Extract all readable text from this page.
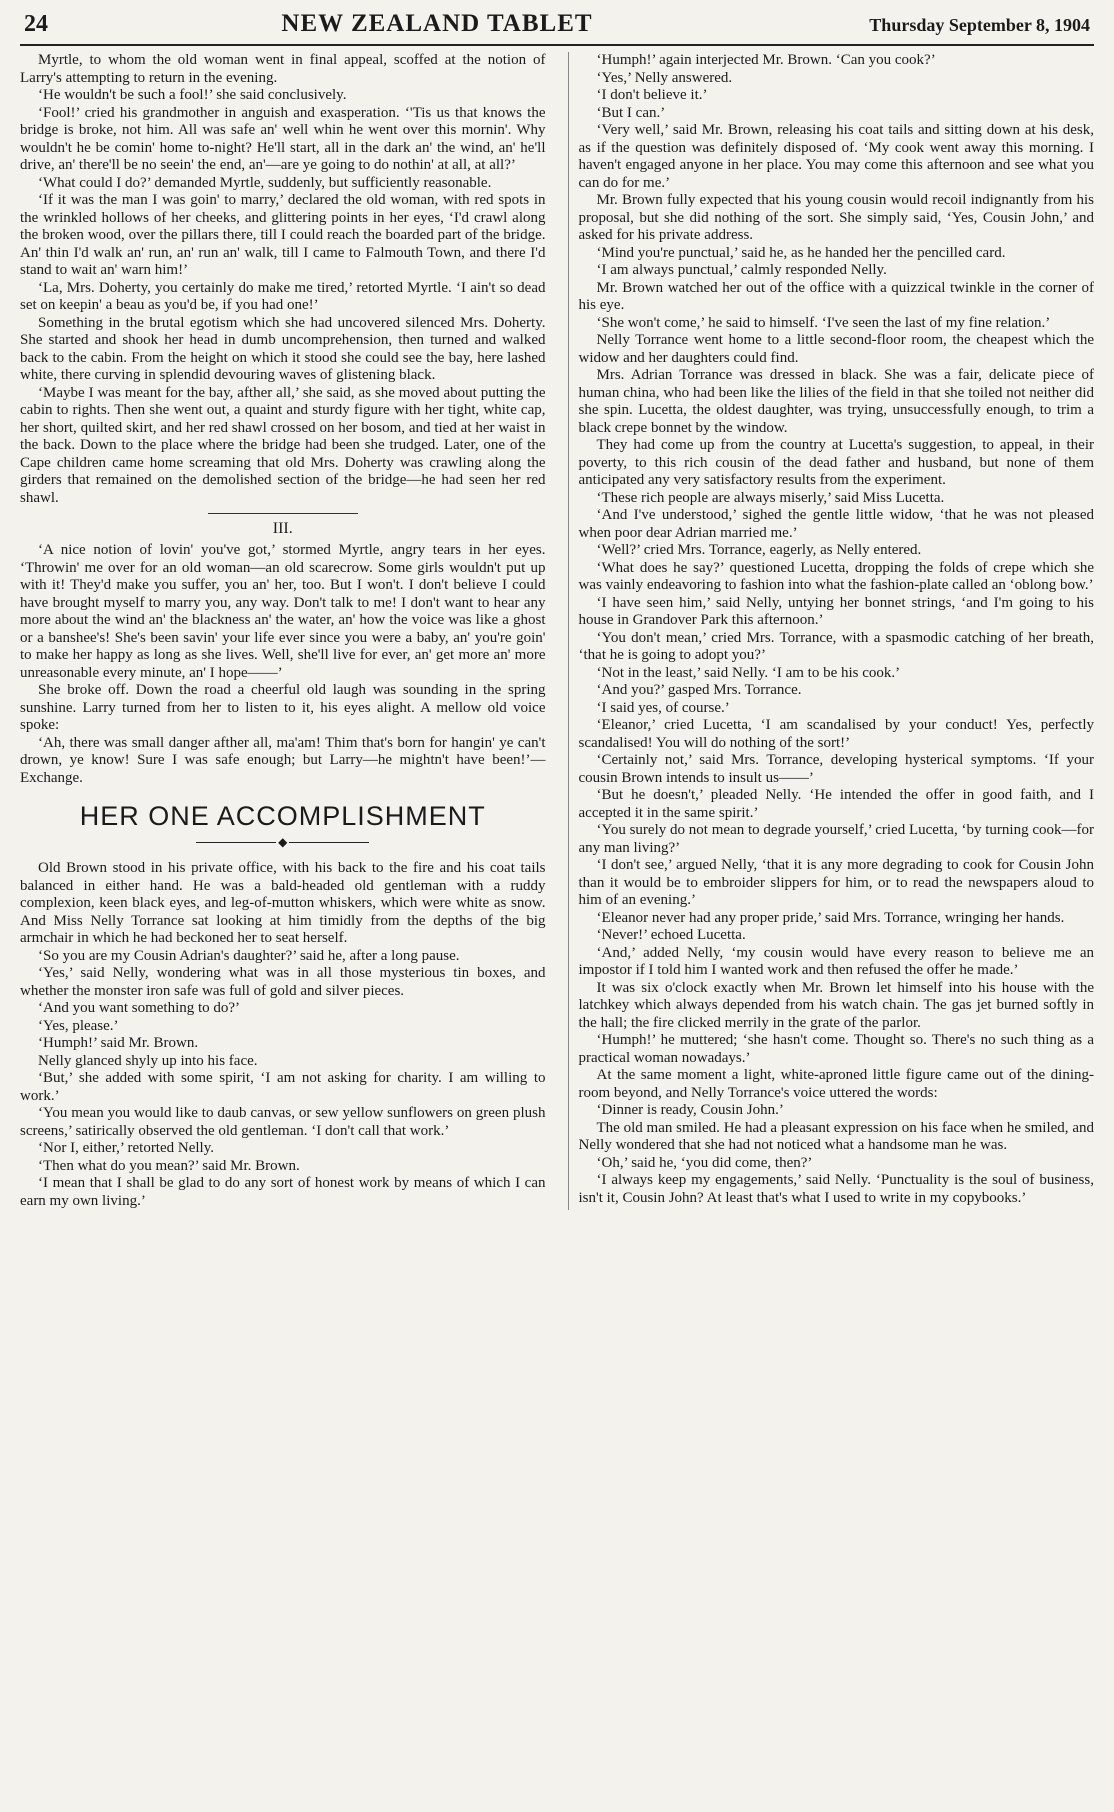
24	NEW ZEALAND TABLET	Thursday September 8, 1904

Myrtle, to whom the old woman went in final appeal, scoffed at the notion of Larry's attempting to return in the evening.

‘He wouldn't be such a fool!’ she said conclusively.

‘Fool!’ cried his grandmother in anguish and exasperation. ‘'Tis us that knows the bridge is broke, not him. All was safe an' well whin he went over this mornin'. Why wouldn't he be comin' home to-night? He'll start, all in the dark an' the wind, an' he'll drive, an' there'll be no seein' the end, an'—are ye going to do nothin' at all, at all?’

‘What could I do?’ demanded Myrtle, suddenly, but sufficiently reasonable.

‘If it was the man I was goin' to marry,’ declared the old woman, with red spots in the wrinkled hollows of her cheeks, and glittering points in her eyes, ‘I'd crawl along the broken wood, over the pillars there, till I could reach the boarded part of the bridge. An' thin I'd walk an' run, an' run an' walk, till I came to Falmouth Town, and there I'd stand to wait an' warn him!’

‘La, Mrs. Doherty, you certainly do make me tired,’ retorted Myrtle. ‘I ain't so dead set on keepin' a beau as you'd be, if you had one!’

Something in the brutal egotism which she had uncovered silenced Mrs. Doherty. She started and shook her head in dumb uncomprehension, then turned and walked back to the cabin. From the height on which it stood she could see the bay, here lashed white, there curving in splendid devouring waves of glistening black.

‘Maybe I was meant for the bay, afther all,’ she said, as she moved about putting the cabin to rights. Then she went out, a quaint and sturdy figure with her tight, white cap, her short, quilted skirt, and her red shawl crossed on her bosom, and tied at her waist in the back. Down to the place where the bridge had been she trudged. Later, one of the Cape children came home screaming that old Mrs. Doherty was crawling along the girders that remained on the demolished section of the bridge—he had seen her red shawl.

III.

‘A nice notion of lovin' you've got,’ stormed Myrtle, angry tears in her eyes. ‘Throwin' me over for an old woman—an old scarecrow. Some girls wouldn't put up with it! They'd make you suffer, you an' her, too. But I won't. I don't believe I could have brought myself to marry you, any way. Don't talk to me! I don't want to hear any more about the wind an' the blackness an' the water, an' how the voice was like a ghost or a banshee's! She's been savin' your life ever since you were a baby, an' you're goin' to make her happy as long as she lives. Well, she'll live for ever, an' get more an' more unreasonable every minute, an' I hope——’

She broke off. Down the road a cheerful old laugh was sounding in the spring sunshine. Larry turned from her to listen to it, his eyes alight. A mellow old voice spoke:

‘Ah, there was small danger afther all, ma'am! Thim that's born for hangin' ye can't drown, ye know! Sure I was safe enough; but Larry—he mightn't have been!’—Exchange.

HER ONE ACCOMPLISHMENT
◆

Old Brown stood in his private office, with his back to the fire and his coat tails balanced in either hand. He was a bald-headed old gentleman with a ruddy complexion, keen black eyes, and leg-of-mutton whiskers, which were white as snow. And Miss Nelly Torrance sat looking at him timidly from the depths of the big armchair in which he had beckoned her to seat herself.

‘So you are my Cousin Adrian's daughter?’ said he, after a long pause.

‘Yes,’ said Nelly, wondering what was in all those mysterious tin boxes, and whether the monster iron safe was full of gold and silver pieces.

‘And you want something to do?’

‘Yes, please.’

‘Humph!’ said Mr. Brown.

Nelly glanced shyly up into his face.

‘But,’ she added with some spirit, ‘I am not asking for charity. I am willing to work.’

‘You mean you would like to daub canvas, or sew yellow sunflowers on green plush screens,’ satirically observed the old gentleman. ‘I don't call that work.’

‘Nor I, either,’ retorted Nelly.

‘Then what do you mean?’ said Mr. Brown.

‘I mean that I shall be glad to do any sort of honest work by means of which I can earn my own living.’

‘Humph!’ again interjected Mr. Brown. ‘Can you cook?’

‘Yes,’ Nelly answered.

‘I don't believe it.’

‘But I can.’

‘Very well,’ said Mr. Brown, releasing his coat tails and sitting down at his desk, as if the question was definitely disposed of. ‘My cook went away this morning. I haven't engaged anyone in her place. You may come this afternoon and see what you can do for me.’

Mr. Brown fully expected that his young cousin would recoil indignantly from his proposal, but she did nothing of the sort. She simply said, ‘Yes, Cousin John,’ and asked for his private address.

‘Mind you're punctual,’ said he, as he handed her the pencilled card.

‘I am always punctual,’ calmly responded Nelly.

Mr. Brown watched her out of the office with a quizzical twinkle in the corner of his eye.

‘She won't come,’ he said to himself. ‘I've seen the last of my fine relation.’

Nelly Torrance went home to a little second-floor room, the cheapest which the widow and her daughters could find.

Mrs. Adrian Torrance was dressed in black. She was a fair, delicate piece of human china, who had been like the lilies of the field in that she toiled not neither did she spin. Lucetta, the oldest daughter, was trying, unsuccessfully enough, to trim a black crepe bonnet by the window.

They had come up from the country at Lucetta's suggestion, to appeal, in their poverty, to this rich cousin of the dead father and husband, but none of them anticipated any very satisfactory results from the experiment.

‘These rich people are always miserly,’ said Miss Lucetta.

‘And I've understood,’ sighed the gentle little widow, ‘that he was not pleased when poor dear Adrian married me.’

‘Well?’ cried Mrs. Torrance, eagerly, as Nelly entered.

‘What does he say?’ questioned Lucetta, dropping the folds of crepe which she was vainly endeavoring to fashion into what the fashion-plate called an ‘oblong bow.’

‘I have seen him,’ said Nelly, untying her bonnet strings, ‘and I'm going to his house in Grandover Park this afternoon.’

‘You don't mean,’ cried Mrs. Torrance, with a spasmodic catching of her breath, ‘that he is going to adopt you?’

‘Not in the least,’ said Nelly. ‘I am to be his cook.’

‘And you?’ gasped Mrs. Torrance.

‘I said yes, of course.’

‘Eleanor,’ cried Lucetta, ‘I am scandalised by your conduct! Yes, perfectly scandalised! You will do nothing of the sort!’

‘Certainly not,’ said Mrs. Torrance, developing hysterical symptoms. ‘If your cousin Brown intends to insult us——’

‘But he doesn't,’ pleaded Nelly. ‘He intended the offer in good faith, and I accepted it in the same spirit.’

‘You surely do not mean to degrade yourself,’ cried Lucetta, ‘by turning cook—for any man living?’

‘I don't see,’ argued Nelly, ‘that it is any more degrading to cook for Cousin John than it would be to embroider slippers for him, or to read the newspapers aloud to him of an evening.’

‘Eleanor never had any proper pride,’ said Mrs. Torrance, wringing her hands.

‘Never!’ echoed Lucetta.

‘And,’ added Nelly, ‘my cousin would have every reason to believe me an impostor if I told him I wanted work and then refused the offer he made.’

It was six o'clock exactly when Mr. Brown let himself into his house with the latchkey which always depended from his watch chain. The gas jet burned softly in the hall; the fire clicked merrily in the grate of the parlor.

‘Humph!’ he muttered; ‘she hasn't come. Thought so. There's no such thing as a practical woman nowadays.’

At the same moment a light, white-aproned little figure came out of the dining-room beyond, and Nelly Torrance's voice uttered the words:

‘Dinner is ready, Cousin John.’

The old man smiled. He had a pleasant expression on his face when he smiled, and Nelly wondered that she had not noticed what a handsome man he was.

‘Oh,’ said he, ‘you did come, then?’

‘I always keep my engagements,’ said Nelly. ‘Punctuality is the soul of business, isn't it, Cousin John? At least that's what I used to write in my copybooks.’
